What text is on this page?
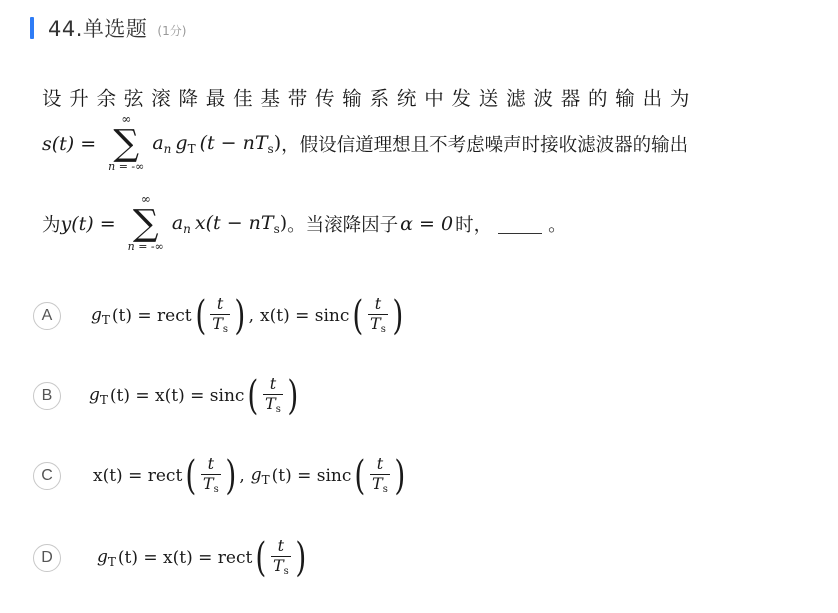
44.单选题 (1分)
设升余弦滚降最佳基带传输系统中发送滤波器的输出为
s(t) =
∞
∑
n = -∞
$a_n$ $g_T$ $(t - nT_s)$ ，假设信道理想且不考虑噪声时接收滤波器的输出
为 y(t) =
∞
∑
n = -∞
$a_n$ $x(t - nT_s)$ 。当滚降因子 α = 0 时，	。
A	$g_T$ (t) = rect ( $\frac{t}{T_s}$ ) , x(t) = sinc ( $\frac{t}{T_s}$ )
B	$g_T$ (t) = x(t) = sinc ( $\frac{t}{T_s}$ )
C	x(t) = rect ( $\frac{t}{T_s}$ ) , $g_T$ (t) = sinc ( $\frac{t}{T_s}$ )
D	$g_T$ (t) = x(t) = rect ( $\frac{t}{T_s}$ )
